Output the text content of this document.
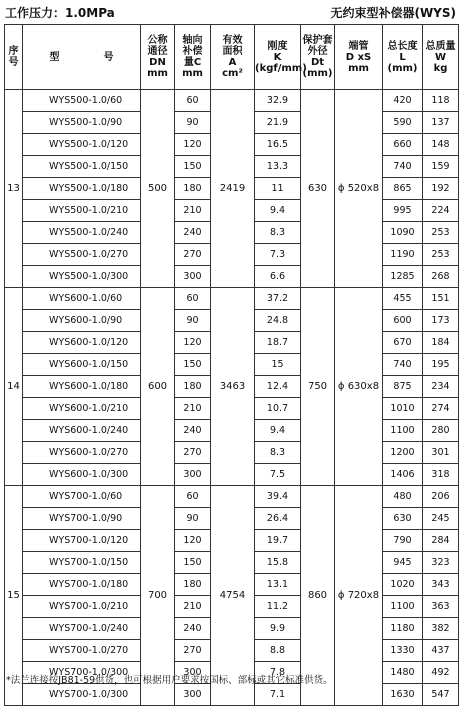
工作压力：1.0MPa	无约束型补偿器(WYS)
序
号	型 号	公称
通径
DN
mm	轴向
补偿
量C
mm	有效
面积
A
cm²	刚度
K
(kgf/mm)	保护套
外径
Dt
(mm)	端管
D xS
mm	总长度
L
(mm)	总质量
W
kg

13	WYS500-1.0/60	500	60	2419	32.9	630	ϕ 520x8	420	118
	WYS500-1.0/90		90		21.9			590	137
	WYS500-1.0/120		120		16.5			660	148
	WYS500-1.0/150		150		13.3			740	159
	WYS500-1.0/180		180		11			865	192
	WYS500-1.0/210		210		9.4			995	224
	WYS500-1.0/240		240		8.3			1090	253
	WYS500-1.0/270		270		7.3			1190	253
	WYS500-1.0/300		300		6.6			1285	268
14	WYS600-1.0/60	600	60	3463	37.2	750	ϕ 630x8	455	151
	WYS600-1.0/90		90		24.8			600	173
	WYS600-1.0/120		120		18.7			670	184
	WYS600-1.0/150		150		15			740	195
	WYS600-1.0/180		180		12.4			875	234
	WYS600-1.0/210		210		10.7			1010	274
	WYS600-1.0/240		240		9.4			1100	280
	WYS600-1.0/270		270		8.3			1200	301
	WYS600-1.0/300		300		7.5			1406	318
15	WYS700-1.0/60	700	60	4754	39.4	860	ϕ 720x8	480	206
	WYS700-1.0/90		90		26.4			630	245
	WYS700-1.0/120		120		19.7			790	284
	WYS700-1.0/150		150		15.8			945	323
	WYS700-1.0/180		180		13.1			1020	343
	WYS700-1.0/210		210		11.2			1100	363
	WYS700-1.0/240		240		9.9			1180	382
	WYS700-1.0/270		270		8.8			1330	437
	WYS700-1.0/300		300		7.8			1480	492
	WYS700-1.0/300		300		7.1			1630	547
*法兰连接按JB81-59供货，也可根据用户要求按国标、部标或其它标准供货。
